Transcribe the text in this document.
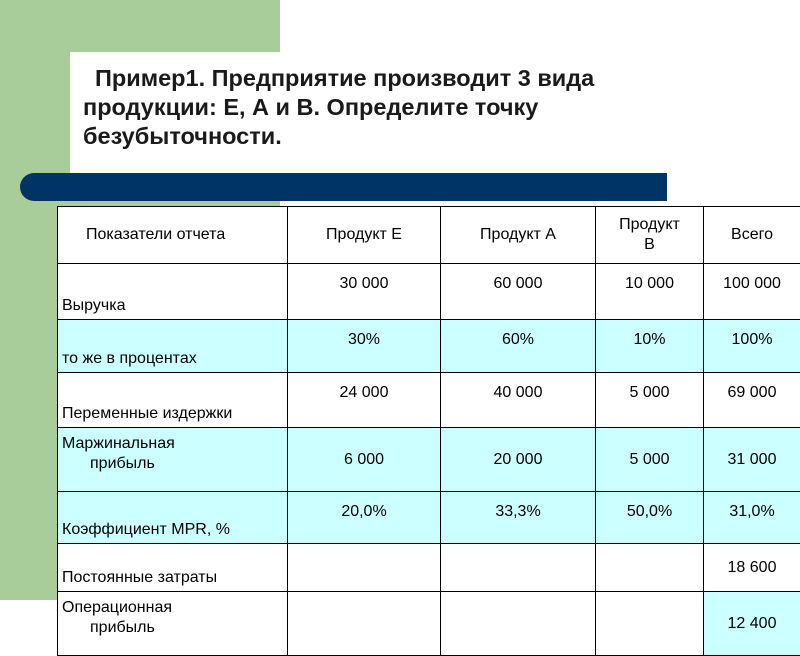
Пример1. Предприятие производит 3 вида продукции: Е, А и В. Определите точку безубыточности.

Показатели отчета	Продукт Е	Продукт А	Продукт
В	Всего
Выручка	30 000	60 000	10 000	100 000
то же в процентах	30%	60%	10%	100%
Переменные издержки	24 000	40 000	5 000	69 000
Маржинальная
прибыль	6 000	20 000	5 000	31 000
Коэффициент MPR, %	20,0%	33,3%	50,0%	31,0%
Постоянные затраты				18 600
Операционная
прибыль				12 400
